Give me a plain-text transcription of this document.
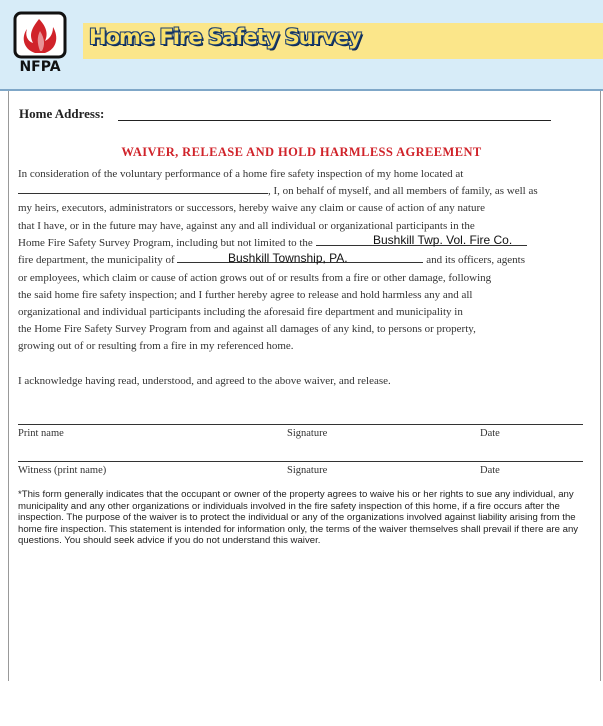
NFPA
Home Fire Safety Survey
Home Address:
WAIVER, RELEASE AND HOLD HARMLESS AGREEMENT
In consideration of the voluntary performance of a home fire safety inspection of my home located at
, I, on behalf of myself, and all members of family, as well as
my heirs, executors, administrators or successors, hereby waive any claim or cause of action of any nature
that I have, or in the future may have, against any and all individual or organizational participants in the
Home Fire Safety Survey Program, including but not limited to the
fire department, the municipality of	and its officers, agents
or employees, which claim or cause of action grows out of or results from a fire or other damage, following
the said home fire safety inspection; and I further hereby agree to release and hold harmless any and all
organizational and individual participants including the aforesaid fire department and municipality in
the Home Fire Safety Survey Program from and against all damages of any kind, to persons or property,
growing out of or resulting from a fire in my referenced home.
Bushkill Twp. Vol. Fire Co.
Bushkill Township, PA.
I acknowledge having read, understood, and agreed to the above waiver, and release.
Print name	Signature	Date
Witness (print name)	Signature	Date
*This form generally indicates that the occupant or owner of the property agrees to waive his or her rights to sue any individual, any municipality and any other organizations or individuals involved in the fire safety inspection of this home, if a fire occurs after the inspection. The purpose of the waiver is to protect the individual or any of the organizations involved against liability arising from the home fire inspection. This statement is intended for information only, the terms of the waiver themselves shall prevail if there are any questions. You should seek advice if you do not understand this waiver.
